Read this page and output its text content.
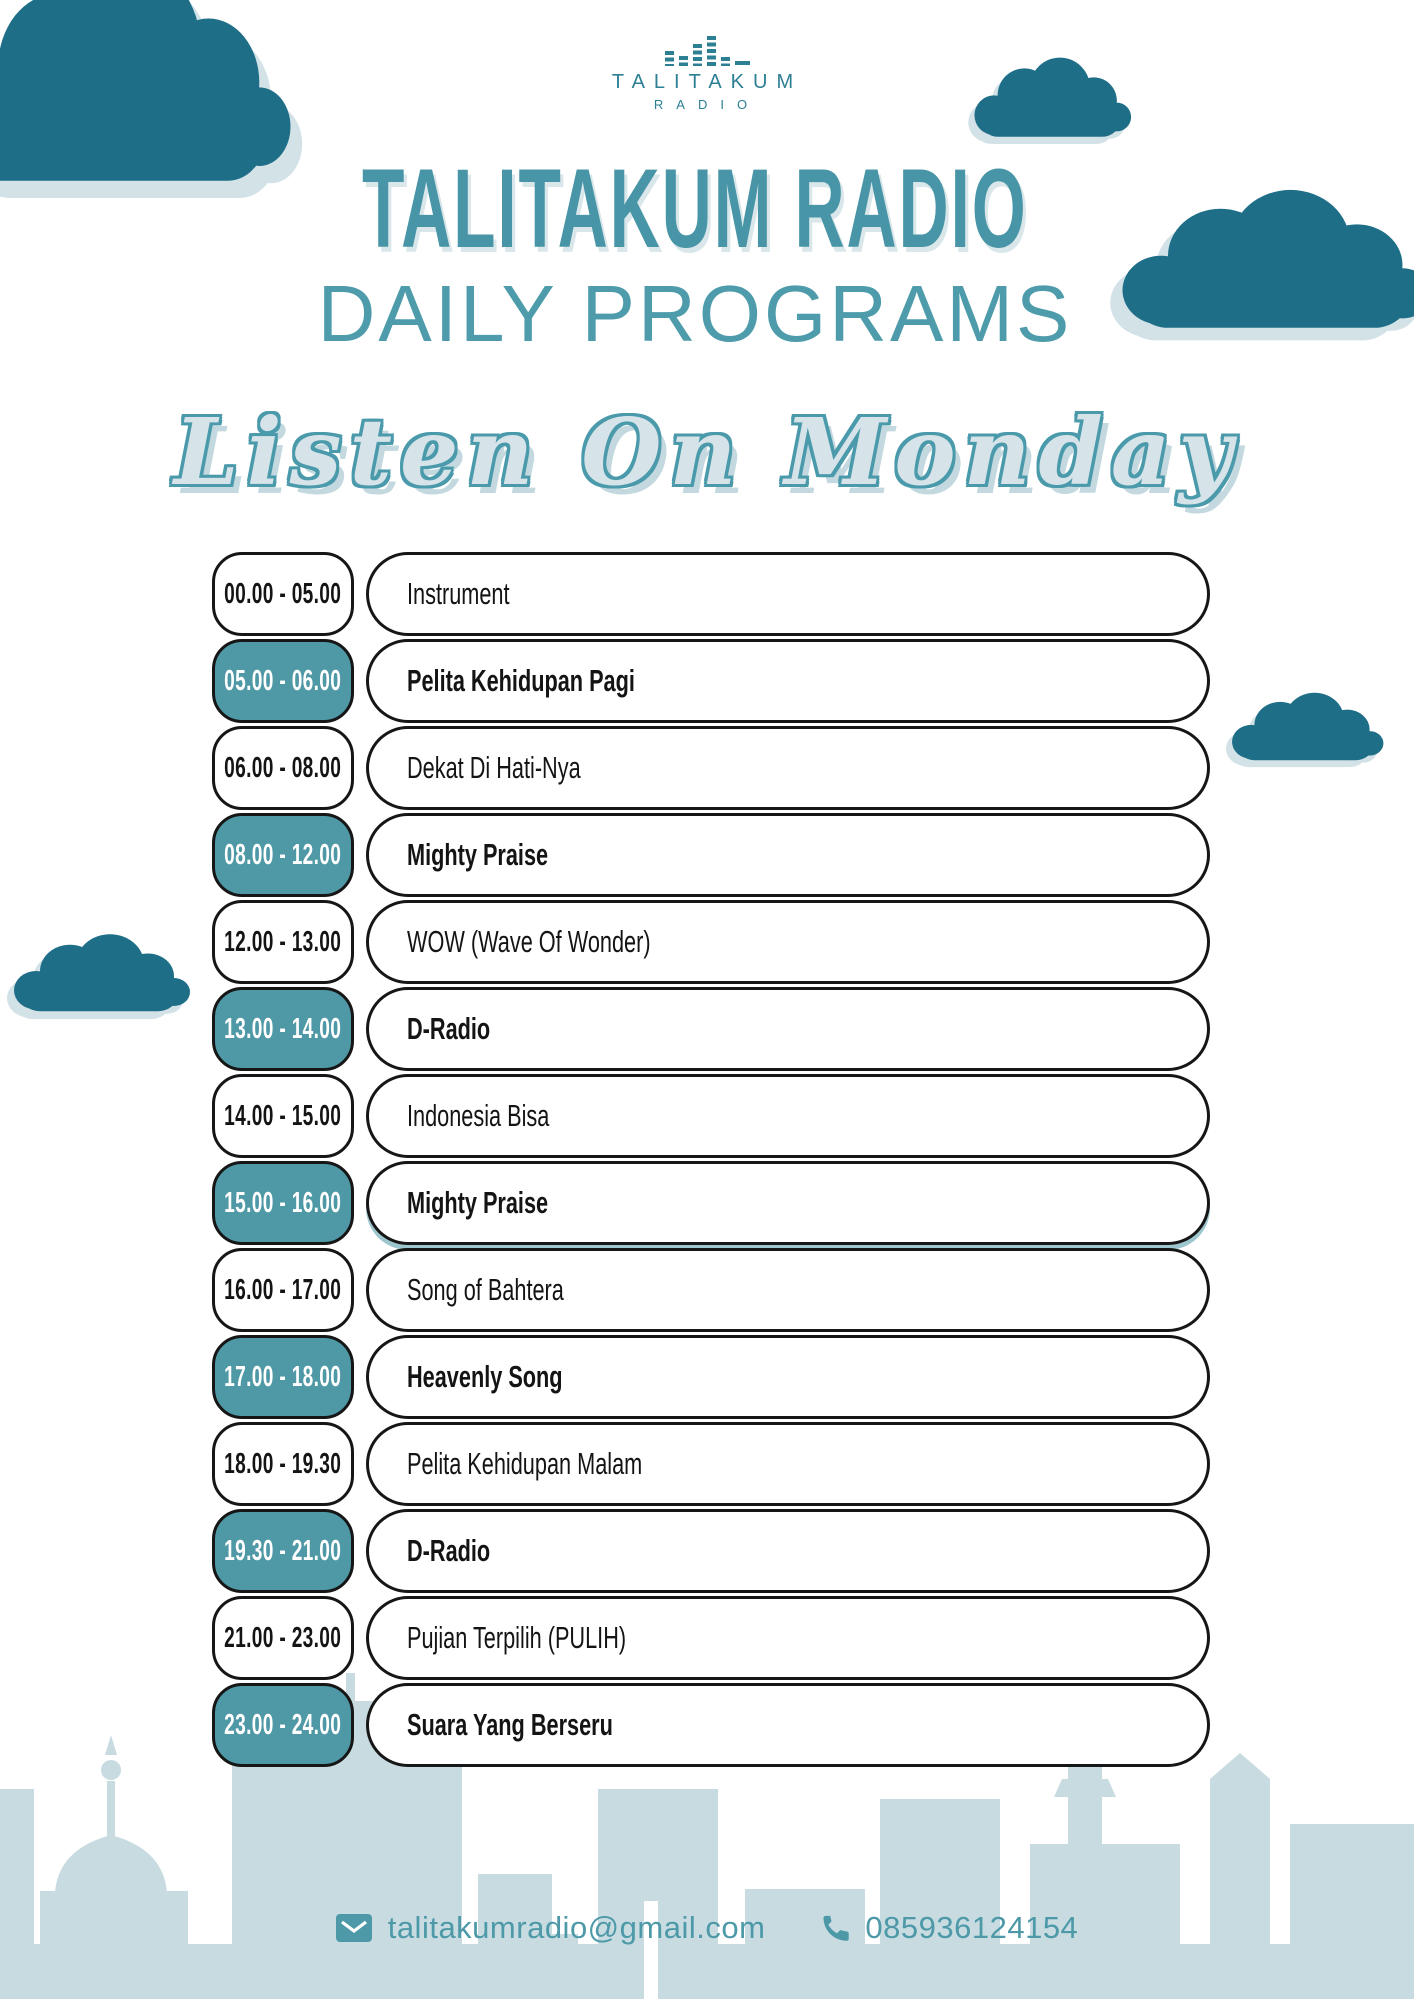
TALITAKUM
RADIO
TALITAKUM RADIO
DAILY PROGRAMS
Listen On Monday
00.00 - 05.00 Instrument
05.00 - 06.00 Pelita Kehidupan Pagi
06.00 - 08.00 Dekat Di Hati-Nya
08.00 - 12.00 Mighty Praise
12.00 - 13.00 WOW (Wave Of Wonder)
13.00 - 14.00 D-Radio
14.00 - 15.00 Indonesia Bisa
15.00 - 16.00 Mighty Praise
16.00 - 17.00 Song of Bahtera
17.00 - 18.00 Heavenly Song
18.00 - 19.30 Pelita Kehidupan Malam
19.30 - 21.00 D-Radio
21.00 - 23.00 Pujian Terpilih (PULIH)
23.00 - 24.00 Suara Yang Berseru
talitakumradio@gmail.com	085936124154
